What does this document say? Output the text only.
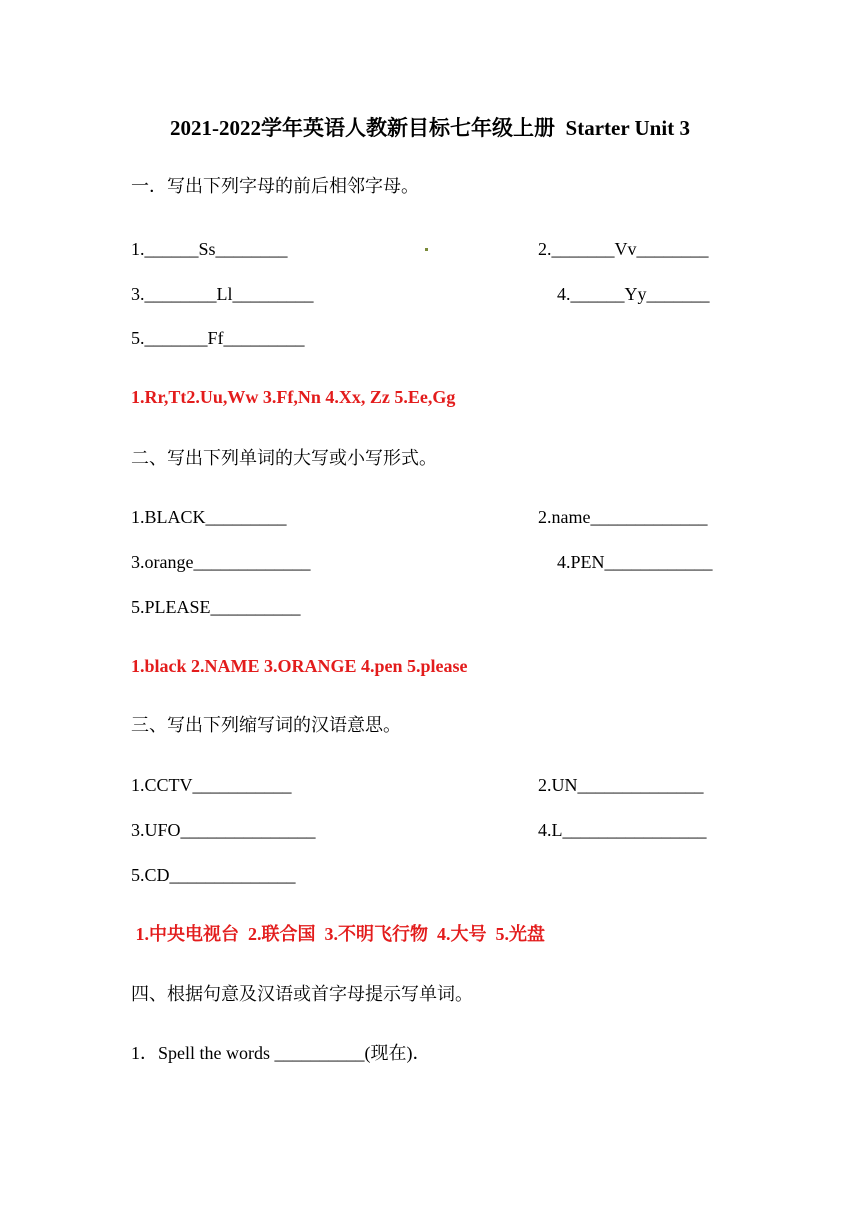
2021-2022学年英语人教新目标七年级上册  Starter Unit 3
一．写出下列字母的前后相邻字母。
1.______Ss________	2._______Vv________
3.________Ll_________	4.______Yy_______
5._______Ff_________
1.Rr,Tt2.Uu,Ww 3.Ff,Nn 4.Xx, Zz 5.Ee,Gg
二、写出下列单词的大写或小写形式。
1.BLACK_________	2.name_____________
3.orange_____________	4.PEN____________
5.PLEASE__________
1.black 2.NAME 3.ORANGE 4.pen 5.please
三、写出下列缩写词的汉语意思。
1.CCTV___________	2.UN______________
3.UFO_______________	4.L________________
5.CD______________
1.中央电视台  2.联合国  3.不明飞行物  4.大号  5.光盘
四、根据句意及汉语或首字母提示写单词。
1．Spell the words __________(现在)．
